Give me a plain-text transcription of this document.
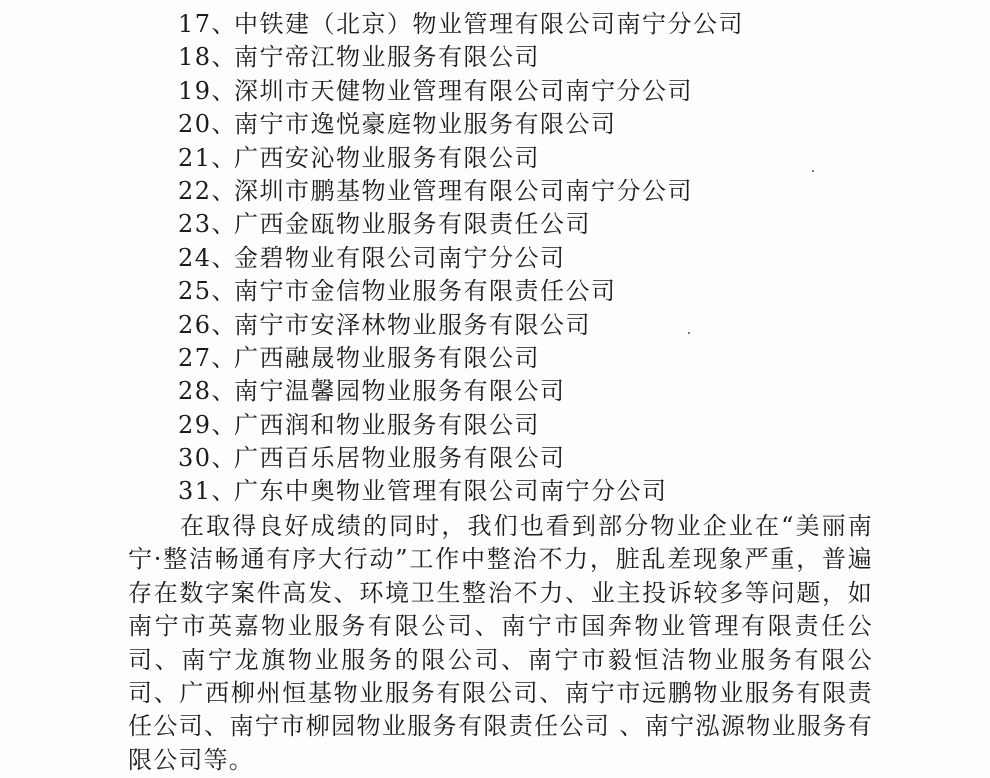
17、中铁建（北京）物业管理有限公司南宁分公司
18、南宁帝江物业服务有限公司
19、深圳市天健物业管理有限公司南宁分公司
20、南宁市逸悦豪庭物业服务有限公司
21、广西安沁物业服务有限公司
22、深圳市鹏基物业管理有限公司南宁分公司
23、广西金瓯物业服务有限责任公司
24、金碧物业有限公司南宁分公司
25、南宁市金信物业服务有限责任公司
26、南宁市安泽林物业服务有限公司
27、广西融晟物业服务有限公司
28、南宁温馨园物业服务有限公司
29、广西润和物业服务有限公司
30、广西百乐居物业服务有限公司
31、广东中奥物业管理有限公司南宁分公司

在取得良好成绩的同时，我们也看到部分物业企业在“美丽南宁·整洁畅通有序大行动”工作中整治不力，脏乱差现象严重，普遍存在数字案件高发、环境卫生整治不力、业主投诉较多等问题，如南宁市英嘉物业服务有限公司、南宁市国奔物业管理有限责任公司、南宁龙旗物业服务的限公司、南宁市毅恒洁物业服务有限公司、广西柳州恒基物业服务有限公司、南宁市远鹏物业服务有限责任公司、南宁市柳园物业服务有限责任公司 、南宁泓源物业服务有限公司等。
